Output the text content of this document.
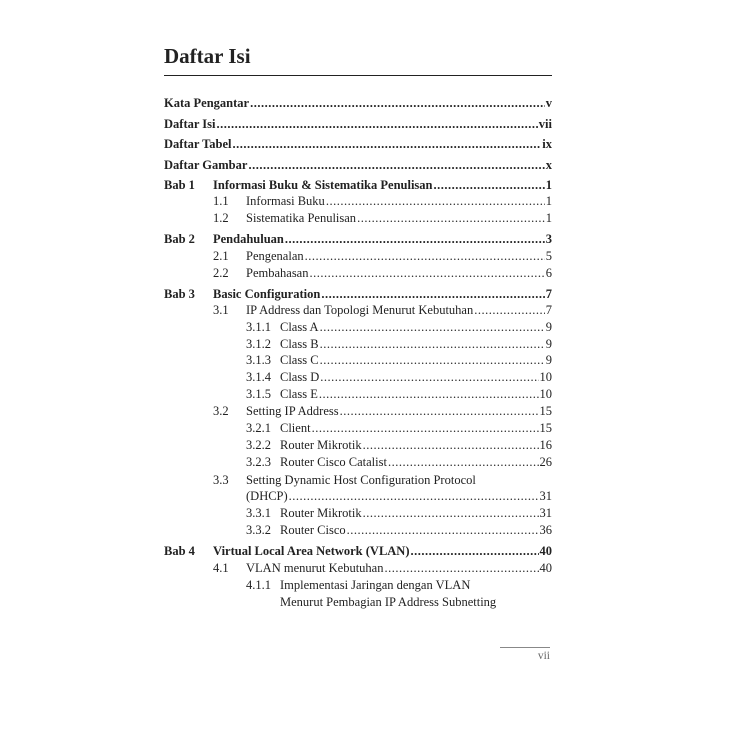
Daftar Isi
Kata Pengantar .....	v
Daftar Isi .....	vii
Daftar Tabel .....	ix
Daftar Gambar .....	x
Bab 1 Informasi Buku & Sistematika Penulisan .....	1
1.1 Informasi Buku .....	1
1.2 Sistematika Penulisan .....	1
Bab 2 Pendahuluan .....	3
2.1 Pengenalan .....	5
2.2 Pembahasan .....	6
Bab 3 Basic Configuration .....	7
3.1 IP Address dan Topologi Menurut Kebutuhan .....	7
3.1.1 Class A .....	9
3.1.2 Class B .....	9
3.1.3 Class C .....	9
3.1.4 Class D .....	10
3.1.5 Class E .....	10
3.2 Setting IP Address .....	15
3.2.1 Client .....	15
3.2.2 Router Mikrotik .....	16
3.2.3 Router Cisco Catalist .....	26
3.3 Setting Dynamic Host Configuration Protocol
(DHCP) .....	31
3.3.1 Router Mikrotik .....	31
3.3.2 Router Cisco .....	36
Bab 4 Virtual Local Area Network (VLAN) .....	40
4.1 VLAN menurut Kebutuhan .....	40
4.1.1 Implementasi Jaringan dengan VLAN
Menurut Pembagian IP Address Subnetting
vii
